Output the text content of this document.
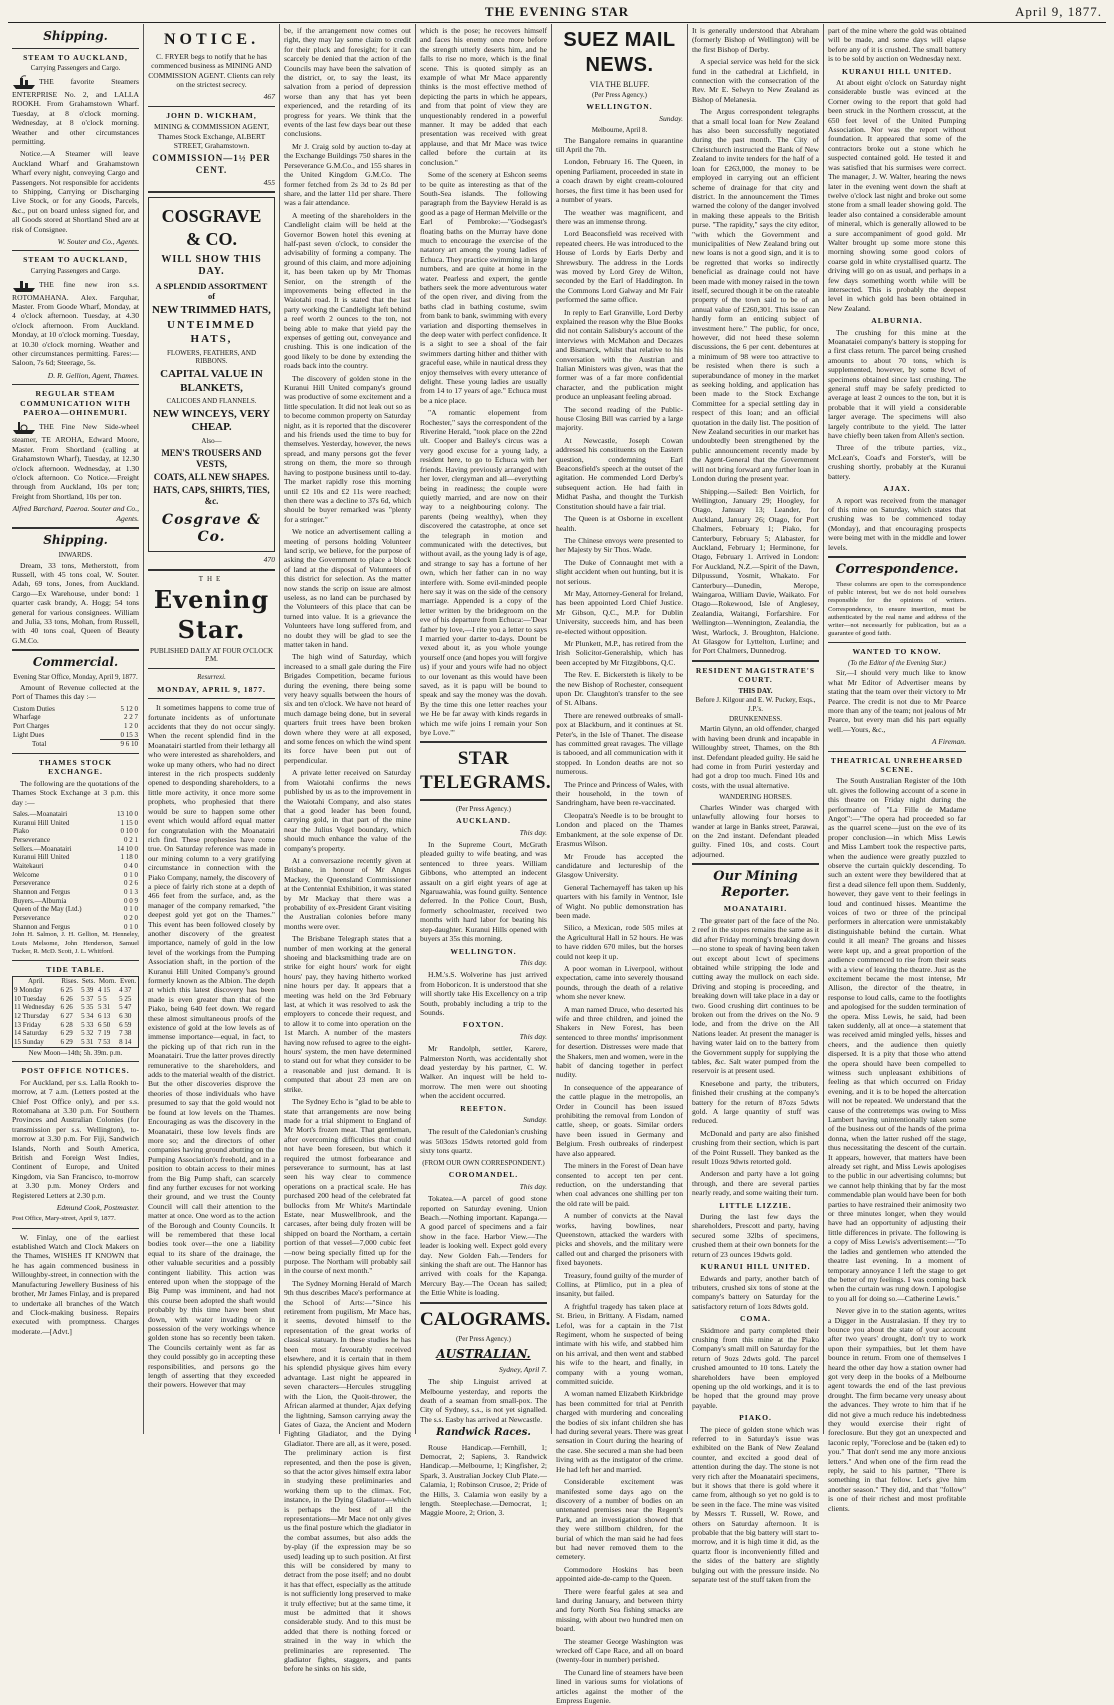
THE EVENING STAR	April 9, 1877.
Shipping.
STEAM TO AUCKLAND,
Carrying Passengers and Cargo.

THE favorite Steamers ENTERPRISE No. 2, and LALLA ROOKH. From Grahamstown Wharf. Tuesday, at 8 o'clock morning. Wednesday, at 8 o'clock morning. Weather and other circumstances permitting.

Notice.—A Steamer will leave Auckland Wharf and Grahamstown Wharf every night, conveying Cargo and Passengers. Not responsible for accidents to Shipping, Carrying or Discharging Live Stock, or for any Goods, Parcels, &c., put on board unless signed for, and all Goods stored at Shortland Shed are at risk of Consignee.

W. Souter and Co., Agents.
STEAM TO AUCKLAND,
Carrying Passengers and Cargo.

THE fine new iron s.s. ROTOMAHANA. Alex. Farquhar, Master. From Goode Wharf, Monday, at 4 o'clock afternoon. Tuesday, at 4.30 o'clock afternoon. From Auckland. Monday, at 10 o'clock morning. Tuesday, at 10.30 o'clock morning. Weather and other circumstances permitting. Fares:—Saloon, 7s 6d; Steerage, 5s.

D. R. Gellion, Agent, Thames.
REGULAR STEAM COMMUNICATION WITH PAEROA—OHINEMURI.

THE Fine New Side-wheel steamer, TE AROHA, Edward Moore, Master. From Shortland (calling at Grahamstown Wharf), Tuesday, at 12.30 o'clock afternoon. Wednesday, at 1.30 o'clock afternoon. Co Notice.—Freight through from Auckland, 10s per ton; Freight from Shortland, 10s per ton.

Alfred Barchard, Paeroa. Souter and Co., Agents.
Shipping.
INWARDS.

Dream, 33 tons, Metherstott, from Russell, with 45 tons coal, W. Souter. Adah, 69 tons, Jones, from Auckland. Cargo—Ex Warehouse, under bond: 1 quarter cask brandy, A. Hogg; 54 tons general for various consignees. William and Julia, 33 tons, Mohan, from Russell, with 40 tons coal, Queen of Beauty G.M.Co.

Commercial.
Evening Star Office, Monday, April 9, 1877.

Amount of Revenue collected at the Port of Thames this day :—

Custom Duties	5 12 0
Wharfage	2 2 7
Port Charges	1 2 0
Light Dues	0 15 3
Total	9 6 10
THAMES STOCK EXCHANGE.

The following are the quotations of the Thames Stock Exchange at 3 p.m. this day :—

Sales.—Moanatairi	13 10 0
Kuranui Hill United	1 15 0
Piako	0 10 0
Perseverance	0 2 1
Sellers.—Moanatairi	14 10 0
Kuranui Hill United	1 18 0
Waitekauri	0 4 0
Welcome	0 1 0
Perseverance	0 2 6
Shannon and Fergus	0 1 3
Buyers.—Alburnia	0 0 9
Queen of the May (Ltd.)	0 1 0
Perseverance	0 2 0
Shannon and Fergus	0 1 0

John H. Salmon, J. H. Gellion, M. Henneley, Louis Melsome, John Henderson, Samuel Tucker, R. McD. Scott, J. L. Whitford.

TIDE TABLE.
April.	Rises.	Sets.	Morn.	Even.
9 Monday	6 25	5 39	4 15	4 37
10 Tuesday	6 26	5 37	5 5	5 25
11 Wednesday	6 26	5 35	5 31	5 47
12 Thursday	6 27	5 34	6 13	6 30
13 Friday	6 28	5 33	6 50	6 59
14 Saturday	6 29	5 32	7 19	7 38
15 Sunday	6 29	5 31	7 53	8 14
New Moon—14th; 5h. 39m. p.m.
POST OFFICE NOTICES.

For Auckland, per s.s. Lalla Rookh to-morrow, at 7 a.m. (Letters posted at the Chief Post Office only), and per s.s. Rotomahana at 3.30 p.m. For Southern Provinces and Australian Colonies (for transmission per s.s. Wellington), to-morrow at 3.30 p.m. For Fiji, Sandwich Islands, North and South America, British and Foreign West Indies, Continent of Europe, and United Kingdom, via San Francisco, to-morrow at 3.30 p.m. Money Orders and Registered Letters at 2.30 p.m.

Edmund Cook, Postmaster.

Post Office, Mary-street, April 9, 1877.

W. Finlay, one of the earliest established Watch and Clock Makers on the Thames, WISHES IT KNOWN that he has again commenced business in Willoughby-street, in connection with the Manufacturing Jewellery Business of his brother, Mr James Finlay, and is prepared to undertake all branches of the Watch and Clock-making business. Repairs executed with promptness. Charges moderate.—[Advt.]

NOTICE.

C. FRYER begs to notify that he has commenced business as MINING AND COMMISSION AGENT. Clients can rely on the strictest secrecy.

467
JOHN D. WICKHAM,

MINING & COMMISSION AGENT, Thames Stock Exchange, ALBERT STREET, Grahamstown.

COMMISSION—1½ PER CENT.
455
COSGRAVE & CO.
WILL SHOW THIS DAY.
A SPLENDID ASSORTMENT of
NEW TRIMMED HATS,
UNTEIMMED HATS,
FLOWERS, FEATHERS, AND RIBBONS.
CAPITAL VALUE IN BLANKETS,
CALICOES AND FLANNELS.
NEW WINCEYS, VERY CHEAP.
Also—
MEN'S TROUSERS AND VESTS,
COATS, ALL NEW SHAPES.
HATS, CAPS, SHIRTS, TIES, &c.
Cosgrave & Co.
470
THE
Evening Star.
PUBLISHED DAILY AT FOUR O'CLOCK P.M.
Resurrexi.
MONDAY, APRIL 9, 1877.

It sometimes happens to come true of fortunate incidents as of unfortunate accidents that they do not occur singly. When the recent splendid find in the Moanatairi startled from their lethargy all who were interested as shareholders, and woke up many others, who had no direct interest in the rich prospects suddenly opened to desponding shareholders, to a little more activity, it once more some prophets, who prophesied that there would be sure to happen some other event which would afford equal matter for congratulation with the Moanatairi rich find. These prophesies have come true. On Saturday reference was made in our mining column to a very gratifying circumstance in connection with the Piako Company, namely, the discovery of a piece of fairly rich stone at a depth of 466 feet from the surface, and, as the manager of the company remarked, "the deepest gold yet got on the Thames." This event has been followed closely by another discovery of the greatest importance, namely of gold in the low level of the workings from the Pumping Association shaft, in the portion of the Kuranui Hill United Company's ground formerly known as the Albion. The depth at which this latest discovery has been made is even greater than that of the Piako, being 640 feet down. We regard these almost simultaneous proofs of the existence of gold at the low levels as of immense importance—equal, in fact, to the picking up of that rich run in the Moanatairi. True the latter proves directly remunerative to the shareholders, and adds to the material wealth of the district. But the other discoveries disprove the theories of those individuals who have presumed to say that the gold would not be found at low levels on the Thames. Encouraging as was the discovery in the Moanatairi, these low levels finds are more so; and the directors of other companies having ground abutting on the Pumping Association's freehold, and in a position to obtain access to their mines from the Big Pump shaft, can scarcely find any further excuses for not working their ground, and we trust the County Council will call their attention to the matter at once. One word as to the action of the Borough and County Councils. It will be remembered that these local bodies took over—the one a liability equal to its share of the drainage, the other valuable securities and a possibly contingent liability. This action was entered upon when the stoppage of the Big Pump was imminent, and had not this course been adopted the shaft would probably by this time have been shut down, with water invading or in possession of the very workings whence golden stone has so recently been taken. The Councils certainly went as far as they could possibly go in accepting these responsibilities, and persons go the length of asserting that they exceeded their powers. However that may

be, if the arrangement now comes out right, they may lay some claim to credit for their pluck and foresight; for it can scarcely be denied that the action of the Councils may have been the salvation of the district, or, to say the least, its salvation from a period of depression worse than any that has yet been experienced, and the retarding of its progress for years. We think that the events of the last few days bear out these conclusions.

Mr J. Craig sold by auction to-day at the Exchange Buildings 750 shares in the Perseverance G.M.Co., and 155 shares in the United Kingdom G.M.Co. The former fetched from 2s 3d to 2s 8d per share, and the latter 11d per share. There was a fair attendance.

A meeting of the shareholders in the Candlelight claim will be held at the Governor Bowen hotel this evening at half-past seven o'clock, to consider the advisability of forming a company. The ground of this claim, and more adjoining it, has been taken up by Mr Thomas Senior, on the strength of the improvements being effected in the Waiotahi road. It is stated that the last party working the Candlelight left behind a reef worth 2 ounces to the ton, not being able to make that yield pay the expenses of getting out, conveyance and crushing. This is one indication of the good likely to be done by extending the roads back into the country.

The discovery of golden stone in the Kuranui Hill United company's ground was productive of some excitement and a little speculation. It did not leak out so as to become common property on Saturday night, as it is reported that the discoverer and his friends used the time to buy for themselves. Yesterday, however, the news spread, and many persons got the fever strong on them, the more so through having to postpone business until to-day. The market rapidly rose this morning until £2 10s and £2 11s were reached; then there was a decline to 37s 6d, which should be buyer remarked was "plenty for a stringer."

We notice an advertisement calling a meeting of persons holding Volunteer land scrip, we believe, for the purpose of asking the Government to place a block of land at the disposal of Volunteers of this district for selection. As the matter now stands the scrip on issue are almost useless, as no land can be purchased by the Volunteers of this place that can be turned into value. It is a grievance the Volunteers have long suffered from, and no doubt they will be glad to see the matter taken in hand.

The high wind of Saturday, which increased to a small gale during the Fire Brigades Competition, became furious during the evening, there being some very heavy squalls between the hours of six and ten o'clock. We have not heard of much damage being done, but in several quarters fruit trees have been broken down where they were at all exposed, and some fences on which the wind spent its force have been put out of perpendicular.

A private letter received on Saturday from Waiotahi confirms the news published by us as to the improvement in the Waiotahi Company, and also states that a good leader has been found, carrying gold, in that part of the mine near the Julius Vogel boundary, which should much enhance the value of the company's property.

At a conversazione recently given at Brisbane, in honour of Mr Angus Mackey, the Queensland Commissioner at the Centennial Exhibition, it was stated by Mr Mackay that there was a probability of ex-President Grant visiting the Australian colonies before many months were over.

The Brisbane Telegraph states that a number of men working at the general shoeing and blacksmithing trade are on strike for eight hours' work for eight hours' pay, they having hitherto worked nine hours per day. It appears that a meeting was held on the 3rd February last, at which it was resolved to ask the employers to concede their request, and to allow it to come into operation on the 1st March. A number of the masters having now refused to agree to the eight-hours' system, the men have determined to stand out for what they consider to be a reasonable and just demand. It is computed that about 23 men are on strike.

The Sydney Echo is "glad to be able to state that arrangements are now being made for a trial shipment to England of Mr Mort's frozen meat. That gentleman, after overcoming difficulties that could not have been foreseen, but which it required the utmost forbearance and perseverance to surmount, has at last seen his way clear to commence operations on a practical scale. He has purchased 200 head of the celebrated fat bullocks from Mr White's Martindale Estate, near Muswellbrook, and the carcases, after being duly frozen will be shipped on board the Northam, a certain portion of that vessel—7,000 cubic feet—now being specially fitted up for the purpose. The Northam will probably sail in the course of next month."

The Sydney Morning Herald of March 9th thus describes Mace's performance at the School of Arts:—"Since his retirement from pugilism, Mr Mace has, it seems, devoted himself to the representation of the great works of classical statuary. In these studies he has been most favourably received elsewhere, and it is certain that in them his splendid physique gives him every advantage. Last night he appeared in seven characters—Hercules struggling with the Lion, the Quoit-thrower, the African alarmed at thunder, Ajax defying the lightning, Samson carrying away the Gates of Gaza, the Ancient and Modern Fighting Gladiator, and the Dying Gladiator. There are all, as it were, posed. The preliminary action is first represented, and then the pose is given, so that the actor gives himself extra labor in studying these preliminaries and working them up to the climax. For, instance, in the Dying Gladiator—which is perhaps the best of all the representations—Mr Mace not only gives us the final posture which the gladiator in the combat assumes, but also adds the by-play (if the expression may be so used) leading up to such position. At first this will be considered by many to detract from the pose itself; and no doubt it has that effect, especially as the attitude is not sufficiently long preserved to make it truly effective; but at the same time, it must be admitted that it shows considerable study. And to this must be added that there is nothing forced or strained in the way in which the preliminaries are represented. The gladiator fights, staggers, and pants before he sinks on his side,

which is the pose; he recovers himself and faces his enemy once more before the strength utterly deserts him, and he falls to rise no more, which is the final scene. This is quoted simply as an example of what Mr Mace apparently thinks is the most effective method of depicting the parts in which he appears, and from that point of view they are unquestionably rendered in a powerful manner. It may be added that each presentation was received with great applause, and that Mr Mace was twice called before the curtain at its conclusion."

Some of the scenery at Eshcon seems to be quite as interesting as that of the South-Sea islands. The following paragraph from the Bayview Herald is as good as a page of Herman Melville or the Earl of Pembroke:—"Godsegast's floating baths on the Murray have done much to encourage the exercise of the natatory art among the young ladies of Echuca. They practice swimming in large numbers, and are quite at home in the water. Pearless and expert, the gentle bathers seek the more adventurous water of the open river, and diving from the baths clad in bathing costume, swim from bank to bank, swimming with every variation and disporting themselves in the deep water with perfect confidence. It is a sight to see a shoal of the fair swimmers darting hither and thither with graceful ease, while in nautical dress they enjoy themselves with every utterance of delight. These young ladies are usually from 14 to 17 years of age." Echuca must be a nice place.

"A romantic elopement from Rochester," says the correspondent of the Riverine Herald, "took place on the 22nd ult. Cooper and Bailey's circus was a very good excuse for a young lady, a resident here, to go to Echuca with her friends. Having previously arranged with her lover, clergyman and all—everything being in readiness; the couple were quietly married, and are now on their way to a neighbouring colony. The parents (being wealthy), when they discovered the catastrophe, at once set the telegraph in motion and communicated with the detectives, but without avail, as the young lady is of age, and strange to say has a fortune of her own, which her father can in no way interfere with. Some evil-minded people here say it was on the side of the censory marriage. Appended is a copy of the letter written by the bridegroom on the eve of his departure from Echuca:—'Dear father by love,—I rite you a letter to says I married your darter to-days. Dount be vexed about it, as you whole younge yourself once (and hopes you will forgive us) if your and yours wife had no object to our lovenant as this would have been saved, as it is papu will be bound to speak and say the money was the dovah. By the time this one letter reaches your we He be far away with kinds regards in which me wife joins I remain your Son bye Love.'"

STAR TELEGRAMS.
(Per Press Agency.)
AUCKLAND.
This day.

In the Supreme Court, McGrath pleaded guilty to wife beating, and was sentenced to three years. William Gibbons, who attempted an indecent assault on a girl eight years of age at Ngaruawahia, was found guilty. Sentence deferred. In the Police Court, Bush, formerly schoolmaster, received two months with hard labor for beating his step-daughter. Kuranui Hills opened with buyers at 35s this morning.

WELLINGTON.
This day.

H.M.'s.S. Wolverine has just arrived from Hoboricon. It is understood that she will shortly take His Excellency on a trip South, probably including a trip to the Sounds.

FOXTON.
This day.

Mr Randolph, settler, Karere, Palmerston North, was accidentally shot dead yesterday by his partner, C. W. Walker. An inquest will be held to-morrow. The men were out shooting when the accident occurred.

REEFTON.
Sunday.

The result of the Caledonian's crushing was 503ozs 15dwts retorted gold from sixty tons quartz.

(FROM OUR OWN CORRESPONDENT.)
COROMANDEL.
This day.

Tokatea.—A parcel of good stone reported on Saturday evening. Union Beach.—Nothing important. Kapanga.—A good parcel of specimens and a fair show in the face. Harbor View.—The leader is looking well. Expect gold every day. New Golden Fah.—Tenders for sinking the shaft are out. The Hannor has arrived with coals for the Kapanga. Mercury Bay.—The Ocean has sailed; the Ettie White is loading.

CALOGRAMS.
(Per Press Agency.)
AUSTRALIAN.
Sydney, April 7.

The ship Linguist arrived at Melbourne yesterday, and reports the death of a seaman from small-pox. The City of Sydney, s.s., is not yet signalled. The s.s. Easby has arrived at Newcastle.

Randwick Races.

Rouse Handicap.—Fernhill, 1; Democrat, 2; Sapiens, 3. Randwick Handicap.—Melbourne, 1; Kingfisher, 2; Spark, 3. Australian Jockey Club Plate.—Calamia, 1; Robinson Crusoe, 2; Pride of the Hills, 3. Calamia won easily by a length. Steeplechase.—Democrat, 1; Maggie Moore, 2; Orion, 3.

SUEZ MAIL NEWS.
VIA THE BLUFF.
(Per Press Agency.)
WELLINGTON.
Sunday.
Melbourne, April 8.

The Bangalore remains in quarantine till April the 7th.

London, February 16. The Queen, in opening Parliament, proceeded in state in a coach drawn by eight cream-coloured horses, the first time it has been used for a number of years.

The weather was magnificent, and there was an immense throng.

Lord Beaconsfield was received with repeated cheers. He was introduced to the House of Lords by Earls Derby and Shrewsbury. The address in the Lords was moved by Lord Grey de Wilton, seconded by the Earl of Haddington. In the Commons Lord Galway and Mr Fair performed the same office.

In reply to Earl Granville, Lord Derby explained the reason why the Blue Books did not contain Salisbury's account of the interviews with McMahon and Decazes and Bismarck, whilst that relative to his conversation with the Austrian and Italian Ministers was given, was that the former was of a far more confidential character, and the publication might produce an unpleasant feeling abroad.

The second reading of the Public-house Closing Bill was carried by a large majority.

At Newcastle, Joseph Cowan addressed his constituents on the Eastern question, condemning Earl Beaconsfield's speech at the outset of the agitation. He commended Lord Derby's subsequent action. He had faith in Midhat Pasha, and thought the Turkish Constitution should have a fair trial.

The Queen is at Osborne in excellent health.

The Chinese envoys were presented to her Majesty by Sir Thos. Wade.

The Duke of Connaught met with a slight accident when out hunting, but it is not serious.

Mr May, Attorney-General for Ireland, has been appointed Lord Chief Justice. Mr Gibson, Q.C., M.P. for Dublin University, succeeds him, and has been re-elected without opposition.

Mr Plunkett, M.P., has retired from the Irish Solicitor-Generalship, which has been accepted by Mr Fitzgibbons, Q.C.

The Rev. E. Bickersteth is likely to be the new Bishop of Rochester, consequent upon Dr. Claughton's transfer to the see of St. Albans.

There are renewed outbreaks of small-pox at Blackburn, and it continues at St. Peter's, in the Isle of Thanet. The disease has committed great ravages. The village is tabooed, and all communication with it stopped. In London deaths are not so numerous.

The Prince and Princess of Wales, with their household, in the town of Sandringham, have been re-vaccinated.

Cleopatra's Needle is to be brought to London and placed on the Thames Embankment, at the sole expense of Dr. Erasmus Wilson.

Mr Froude has accepted the candidature and lectureship of the Glasgow University.

General Tachernayeff has taken up his quarters with his family in Ventnor, Isle of Wight. No public demonstration has been made.

Silico, a Mexican, rode 505 miles at the Agricultural Hall in 52 hours. He was to have ridden 670 miles, but the horses could not keep it up.

A poor woman in Liverpool, without expectation, came into severely thousand pounds, through the death of a relative whom she never knew.

A man named Druce, who deserted his wife and three children, and joined the Shakers in New Forest, has been sentenced to three months' imprisonment for desertion. Distresses were made that the Shakers, men and women, were in the habit of dancing together in perfect nudity.

In consequence of the appearance of the cattle plague in the metropolis, an Order in Council has been issued prohibiting the removal from London of cattle, sheep, or goats. Similar orders have been issued in Germany and Belgium. Fresh outbreaks of rinderpest have also appeared.

The miners in the Forest of Dean have consented to accept ten per cent. reduction, on the understanding that when coal advances one shilling per ton the old rate will be paid.

A number of convicts at the Naval works, having bowlines, near Queenstown, attacked the warders with picks and shovels, and the military were called out and charged the prisoners with fixed bayonets.

Treasury, found guilty of the murder of Collins, at Plimlico, put in a plea of insanity, but failed.

A frightful tragedy has taken place at St. Brieu, in Brittany. A Fisdam, named Lefol, was for a captain in the 71st Regiment, whom he suspected of being intimate with his wife, and stabbed him on his arrival, and then went and stabbed his wife to the heart, and finally, in company with a young woman, committed suicide.

A woman named Elizabeth Kirkbridge has been committed for trial at Penrith charged with murdering and concealing the bodies of six infant children she has had during several years. There was great sensation in Court during the hearing of the case. She secured a man she had been living with as the instigator of the crime. He had left her and married.

Considerable excitement was manifested some days ago on the discovery of a number of bodies on an untenanted premises near the Regent's Park, and an investigation showed that they were stillborn children, for the burial of which the man said he had fees but had never removed them to the cemetery.

Commodore Hoskins has been appointed aide-de-camp to the Queen.

There were fearful gales at sea and land during January, and between thirty and forty North Sea fishing smacks are missing, with about two hundred men on board.

The steamer George Washington was wrecked off Cape Race, and all on board (twenty-four in number) perished.

The Cunard line of steamers have been lined in various sums for violations of articles against the mother of the Empress Eugenie.

It is generally understood that Abraham (formerly Bishop of Wellington) will be the first Bishop of Derby.

A special service was held for the sick fund in the cathedral at Lichfield, in connection with the consecration of the Rev. Mr E. Selwyn to New Zealand as Bishop of Melanesia.

The Argus correspondent telegraphs that a small local loan for New Zealand has also been successfully negotiated during the past month. The City of Christchurch instructed the Bank of New Zealand to invite tenders for the half of a loan for £263,000, the money to be employed in carrying out an efficient scheme of drainage for that city and district. In the announcement the Times warned the colony of the danger involved in making these appeals to the British purse. "The rapidity," says the city editor, "with which the Government and municipalities of New Zealand bring out new loans is not a good sign, and it is to be regretted that works so indirectly beneficial as drainage could not have been made with money raised in the town itself, secured though it be on the rateable property of the town said to be of an annual value of £260,301. This issue can hardly form an enticing subject of investment here." The public, for once, however, did not heed these solemn discussions, the 6 per cent. debentures at a minimum of 98 were too attractive to be resisted when there is such a superabundance of money in the market as seeking holding, and application has been made to the Stock Exchange Committee for a special settling day in respect of this loan; and an official quotation in the daily list. The position of New Zealand securities in our market has undoubtedly been strengthened by the public announcement recently made by the Agent-General that the Government will not bring forward any further loan in London during the present year.

Shipping.—Sailed: Ben Voirlich, for Wellington, January 29; Hoogley, for Otago, January 13; Leander, for Auckland, January 26; Otago, for Port Chalmers, February 1; Piako, for Canterbury, February 5; Alabaster, for Auckland, February 1; Herminone, for Otago, February 1. Arrived in London: For Auckland, N.Z.—Spirit of the Dawn, Dilpussund, Yosmit, Whakato. For Canterbury—Dunedin, Merope, Waingaroa, William Davie, Waikato. For Otago—Rokewood, Isle of Anglesey, Zealandia, Waitangi, Forfarshire. For Wellington—Wennington, Zealandia, the West, Warlock, J. Broughton, Halcione. At Glasgow for Lyttelton, Lurline; and for Port Chalmers, Dunnedrog.

RESIDENT MAGISTRATE'S COURT.
THIS DAY.
Before J. Kilgour and E. W. Puckey, Esqs., J.P.'s.
DRUNKENNESS.

Martin Glynn, an old offender, charged with having been drunk and incapable in Willoughby street, Thames, on the 8th inst. Defendant pleaded guilty. He said he had come in from Puriri yesterday and had got a drop too much. Fined 10s and costs, with the usual alternative.

WANDERING HORSES.

Charles Winder was charged with unlawfully allowing four horses to wander at large in Banks street, Parawai, on the 2nd instant. Defendant pleaded guilty. Fined 10s, and costs. Court adjourned.

Our Mining Reporter.
MOANATAIRI.

The greater part of the face of the No. 2 reef in the stopes remains the same as it did after Friday morning's breaking down—no stone to speak of having been taken out except about 1cwt of specimens obtained while stripping the lode and cutting away the mullock on each side. Driving and stoping is proceeding, and breaking down will take place in a day or two. Good crushing dirt continues to be broken out from the drives on the No. 9 lode, and from the drive on the All Nations leader. At present the manager is having water laid on to the battery from the Government supply for supplying the tables, &c. Salt water pumped from the reservoir is at present used.

Knesebone and party, the tributers, finished their crushing at the company's battery for the return of 87ozs 5dwts gold. A large quantity of stuff was reduced.

McDonald and party are also finished crushing from their section, which is part of the Point Russell. They banked as the result 10ozs 9dwts retorted gold.

Anderson and party have a lot going through, and there are several parties nearly ready, and some waiting their turn.

LITTLE LIZZIE.

During the last few days the shareholders, Prescott and party, having secured some 32lbs of specimens, crushed them at their own bonnets for the return of 23 ounces 19dwts gold.

KURANUI HILL UNITED.

Edwards and party, another batch of tributers, crushed six tons of stone at the company's battery on Saturday for the satisfactory return of 1ozs 8dwts gold.

COMA.

Skidmore and party completed their crushing from this mine at the Piako Company's small mill on Saturday for the return of 9ozs 2dwts gold. The parcel crushed amounted to 10 tons. Lately the shareholders have been employed opening up the old workings, and it is to be hoped that the ground may prove payable.

PIAKO.

The piece of golden stone which was referred to in Saturday's issue was exhibited on the Bank of New Zealand counter, and excited a good deal of attention during the day. The stone is not very rich after the Moanatairi specimens, but it shows that there is gold where it came from, although so yet no gold is to be seen in the face. The mine was visited by Messrs T. Russell, W. Rowe, and others on Saturday afternoon. It is probable that the big battery will start to-morrow, and it is high time it did, as the quartz floor is inconveniently filled and the sides of the battery are slightly bulging out with the pressure inside. No separate test of the stuff taken from the

part of the mine where the gold was obtained will be made, and some days will elapse before any of it is crushed. The small battery is to be sold by auction on Wednesday next.

KURANUI HILL UNITED.

At about eight o'clock on Saturday night considerable bustle was evinced at the Corner owing to the report that gold had been struck in the Northern crosscut, at the 650 feet level of the United Pumping Association. Nor was the report without foundation. It appeared that some of the contractors broke out a stone which he suspected contained gold. He tested it and was satisfied that his surmises were correct. The manager, J. W. Walter, hearing the news later in the evening went down the shaft at twelve o'clock last night and broke out some stone from a small leader showing gold. The leader also contained a considerable amount of mineral, which is generally allowed to be a sure accompaniment of good gold. Mr Walter brought up some more stone this morning showing some good colors of coarse gold in white crystallised quartz. The driving will go on as usual, and perhaps in a few days something worth while will be intersected. This is probably the deepest level in which gold has been obtained in New Zealand.

ALBURNIA.

The crushing for this mine at the Moanataiei company's battery is stopping for a first class return. The parcel being crushed amounts to about 70 tons, which is supplemented, however, by some 8cwt of specimens obtained since last crushing. The general stuff may be safely predicted to average at least 2 ounces to the ton, but it is probable that it will yield a considerable larger average. The specimens will also largely contribute to the yield. The latter have chiefly been taken from Allen's section.

Three of the tribute parties, viz., McLean's, Coad's and Forster's, will be crushing shortly, probably at the Kuranui battery.

AJAX.

A report was received from the manager of this mine on Saturday, which states that crushing was to be commenced today (Monday), and that encouraging prospects were being met with in the middle and lower levels.

Correspondence.

These columns are open to the correspondence of public interest, but we do not hold ourselves responsible for the opinions of writers. Correspondence, to ensure insertion, must be authenticated by the real name and address of the writer—not necessarily for publication, but as a guarantee of good faith.

WANTED TO KNOW.
(To the Editor of the Evening Star.)

Sir,—I should very much like to know what Mr Editor of Advertiser means by stating that the team over their victory to Mr Pearce. The credit is not due to Mr Pearce more than any of the team; not jealous of Mr Pearce, but every man did his part equally well.—Yours, &c.,

A Fireman.
THEATRICAL UNREHEARSED SCENE.

The South Australian Register of the 10th ult. gives the following account of a scene in this theatre on Friday night during the performance of "La Fille de Madame Angot":—"The opera had proceeded so far as the quarrel scene—just on the eve of its proper conclusion—in which Miss Lewis and Miss Lambert took the respective parts, when the audience were greatly puzzled to observe the curtain quickly descending. To such an extent were they bewildered that at first a dead silence fell upon them. Suddenly, however, they gave vent to their feelings in loud and continued hisses. Meantime the voices of two or three of the principal performers in altercation were unmistakably distinguishable behind the curtain. What could it all mean? The groans and hisses were kept up, and a great proportion of the audience commenced to rise from their seats with a view of leaving the theatre. Just as the excitement became the most intense, Mr Allison, the director of the theatre, in response to loud calls, came to the footlights and apologised for the sudden termination of the opera. Miss Lewis, he said, had been taken suddenly, all at once—a statement that was received amid mingled yells, hisses and cheers, and the audience then quietly dispersed. It is a pity that those who attend the opera should have been compelled to witness such unpleasant exhibitions of feeling as that which occurred on Friday evening, and it is to be hoped the altercation will not be repeated. We understand that the cause of the contretemps was owing to Miss Lambert having unintentionally taken some of the business out of the hands of the prima donna, when the latter rushed off the stage, thus necessitating the descent of the curtain. It appears, however, that matters have been already set right, and Miss Lewis apologises to the public in our advertising columns; but we cannot help thinking that by far the most commendable plan would have been for both parties to have restrained their animosity two or three minutes longer, when they would have had an opportunity of adjusting their little differences in private. The following is a copy of Miss Lewis's advertisement:—"To the ladies and gentlemen who attended the theatre last evening. In a moment of temporary annoyance I left the stage to get the better of my feelings. I was coming back when the curtain was rung down. I apologise to you all for doing so.—Catherine Lewis."

Never give in to the station agents, writes a Digger in the Australasian. If they try to bounce you about the state of your account after two years' drought, don't try to work upon their sympathies, but let them have bounce in return. From one of themselves I heard the other day how a station owner had got very deep in the books of a Melbourne agent towards the end of the last previous drought. The firm became very uneasy about the advances. They wrote to him that if he did not give a much reduce his indebtedness they would exercise their right of foreclosure. But they got an unexpected and laconic reply, "Foreclose and be (taken ed) to you." That don't send me any more anxious letters." And when one of the firm read the reply, he said to his partner, "There is something in that fellow. Let's give him another season." They did, and that "follow" is one of their richest and most profitable clients.
